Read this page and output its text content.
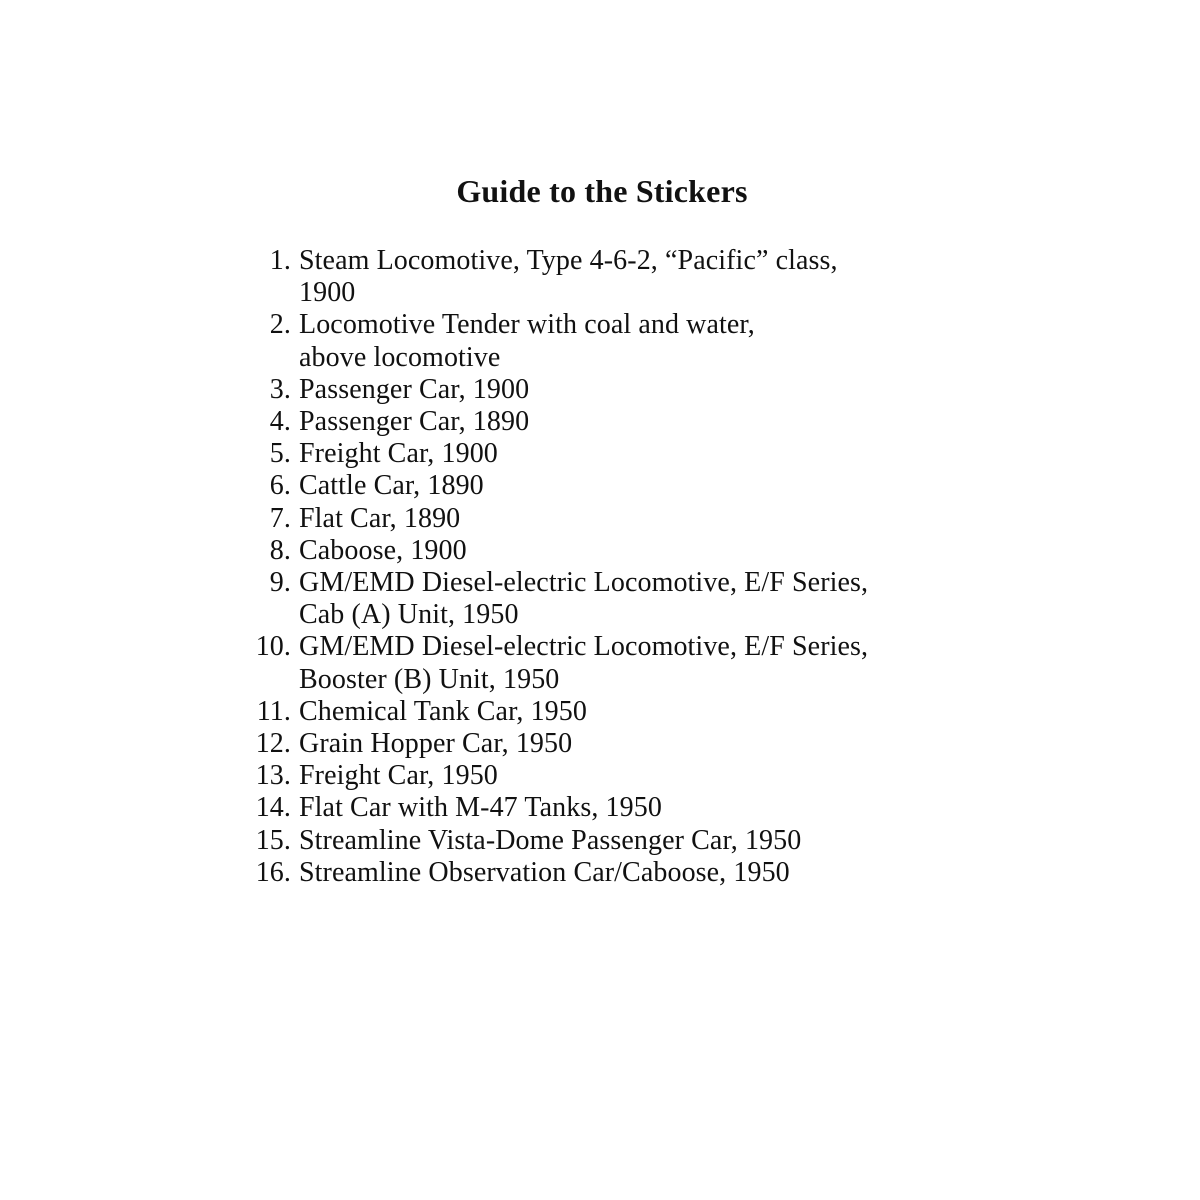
Guide to the Stickers
1. Steam Locomotive, Type 4-6-2, “Pacific” class,
1900
2. Locomotive Tender with coal and water,
above locomotive
3. Passenger Car, 1900
4. Passenger Car, 1890
5. Freight Car, 1900
6. Cattle Car, 1890
7. Flat Car, 1890
8. Caboose, 1900
9. GM/EMD Diesel-electric Locomotive, E/F Series,
Cab (A) Unit, 1950
10. GM/EMD Diesel-electric Locomotive, E/F Series,
Booster (B) Unit, 1950
11. Chemical Tank Car, 1950
12. Grain Hopper Car, 1950
13. Freight Car, 1950
14. Flat Car with M-47 Tanks, 1950
15. Streamline Vista-Dome Passenger Car, 1950
16. Streamline Observation Car/Caboose, 1950
